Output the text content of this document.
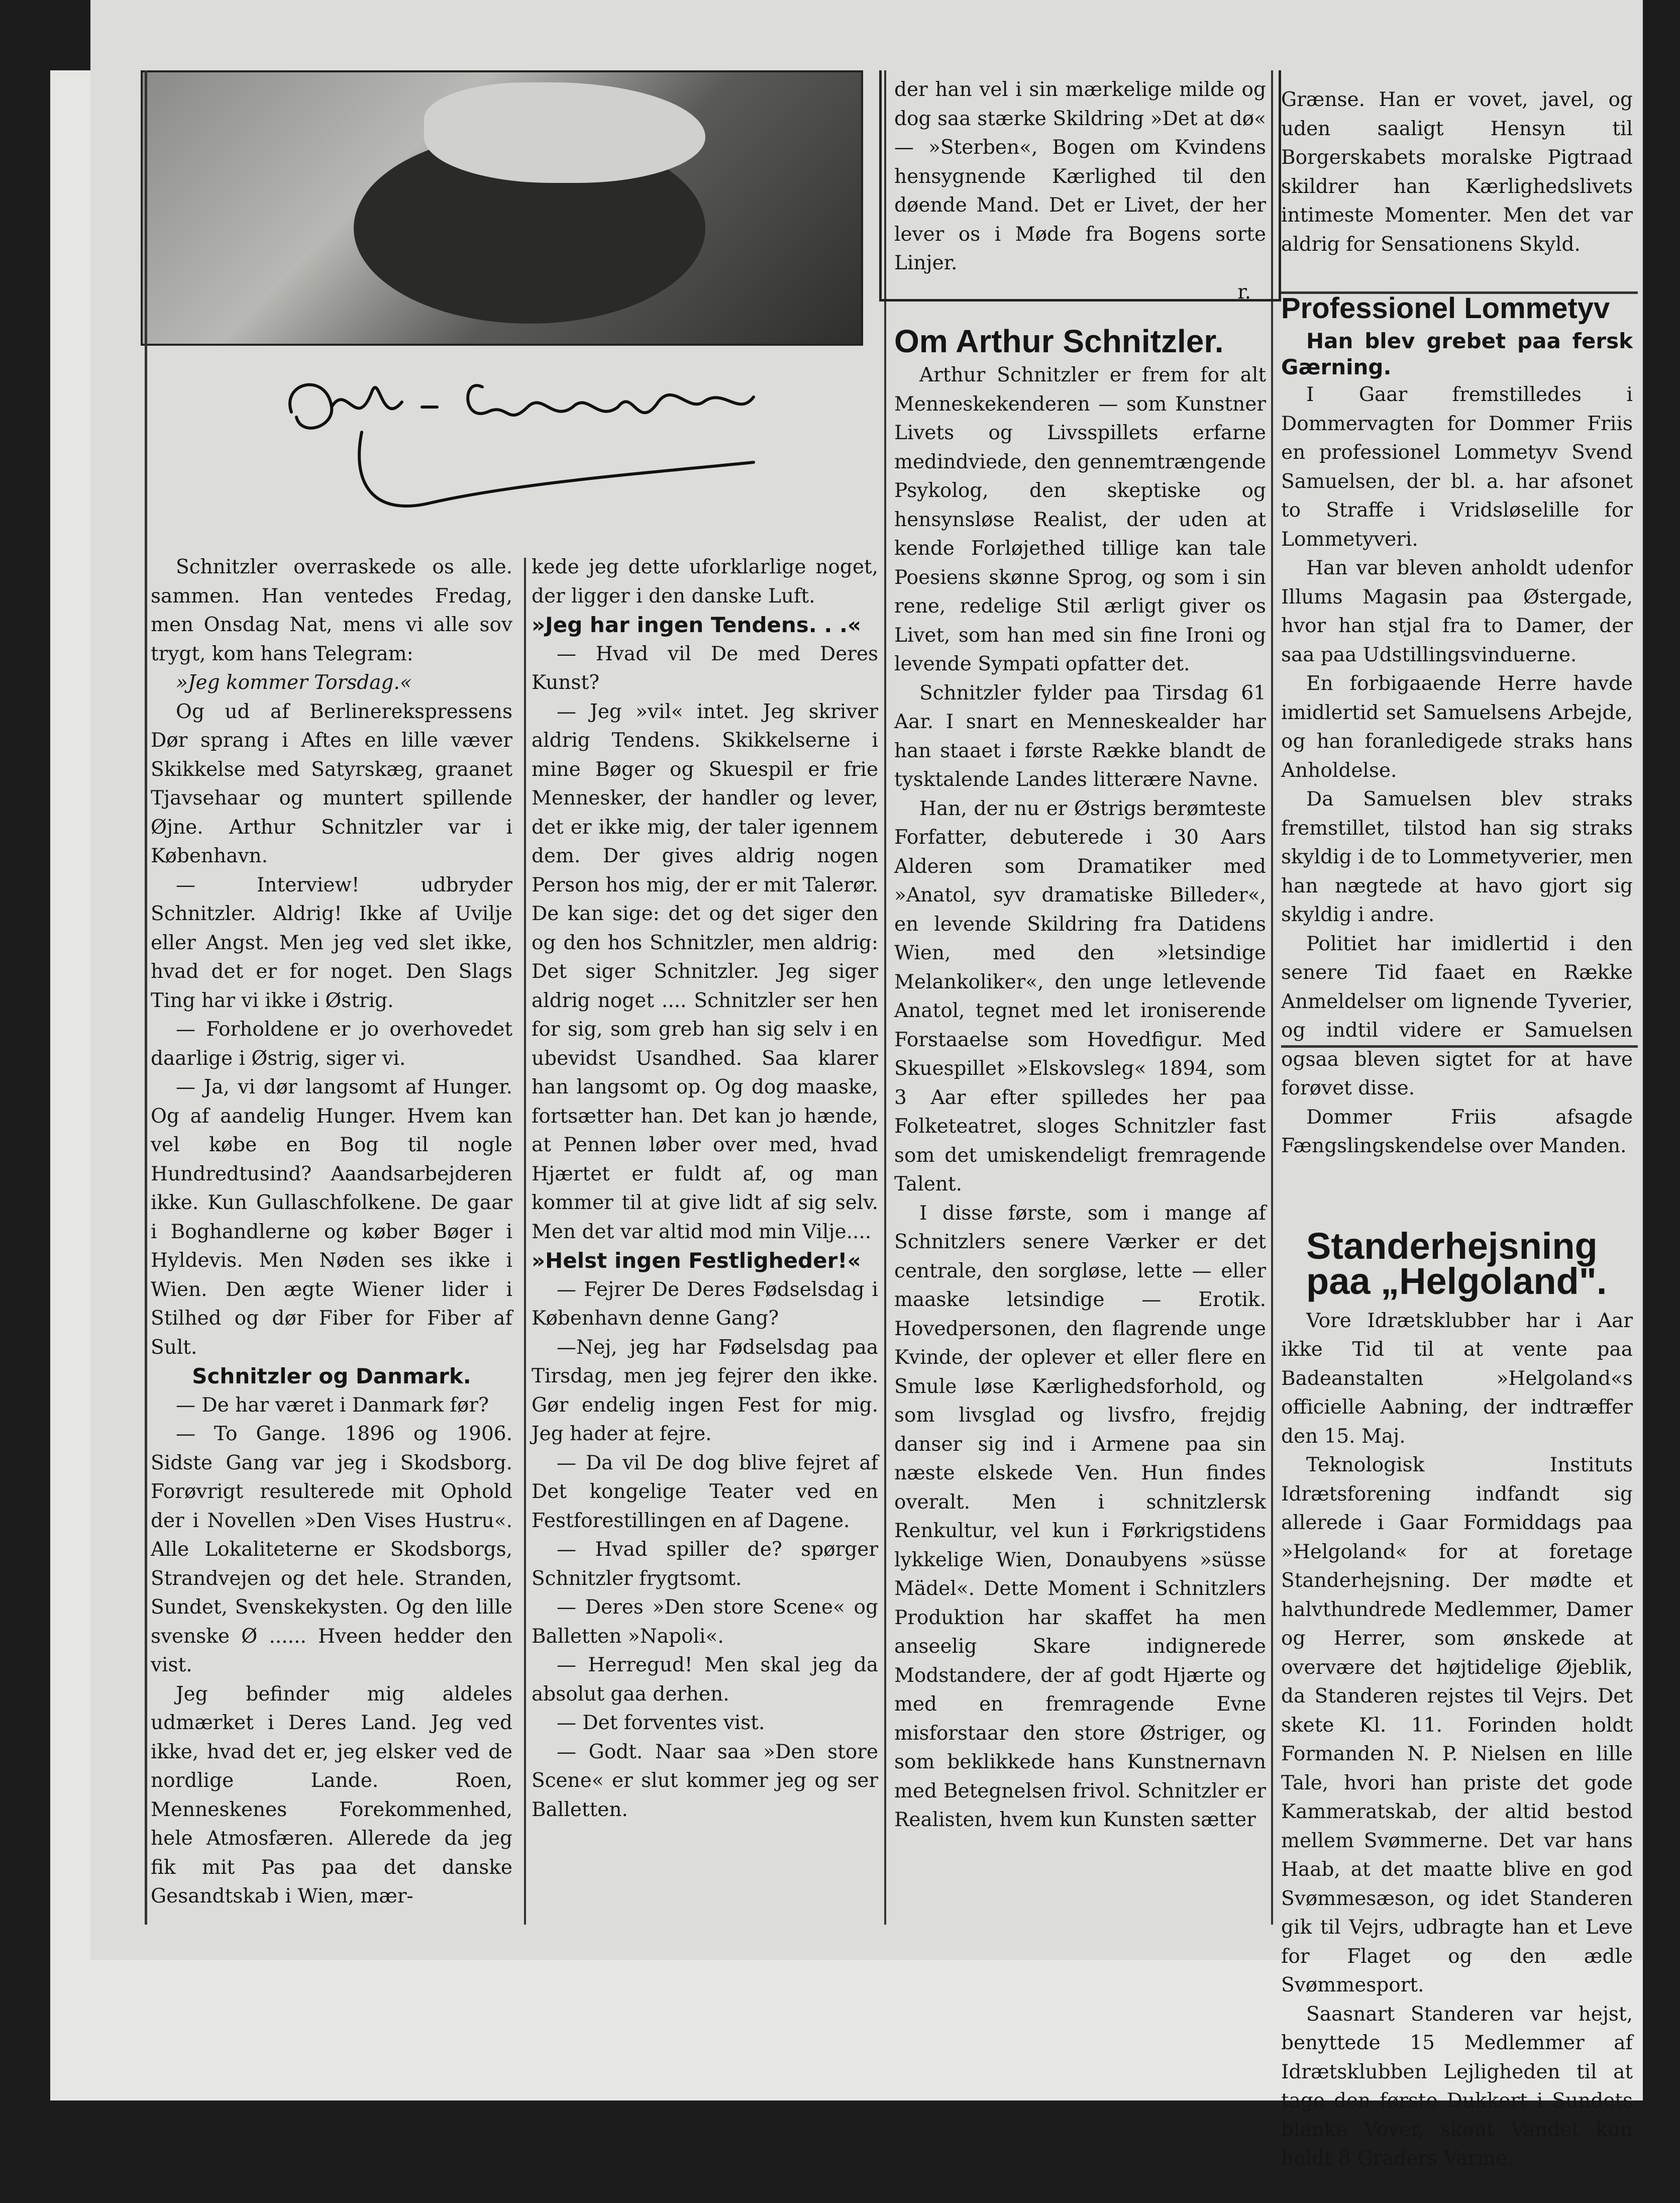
Schnitzler overraskede os alle. sammen. Han ventedes Fredag, men Onsdag Nat, mens vi alle sov trygt, kom hans Telegram:

»Jeg kommer Torsdag.«

Og ud af Berlinerekspressens Dør sprang i Aftes en lille væver Skikkelse med Satyrskæg, graanet Tjavsehaar og muntert spillende Øjne. Arthur Schnitzler var i København.

— Interview! udbryder Schnitzler. Aldrig! Ikke af Uvilje eller Angst. Men jeg ved slet ikke, hvad det er for noget. Den Slags Ting har vi ikke i Østrig.

— Forholdene er jo overhovedet daarlige i Østrig, siger vi.

— Ja, vi dør langsomt af Hunger. Og af aandelig Hunger. Hvem kan vel købe en Bog til nogle Hundredtusind? Aaandsarbejderen ikke. Kun Gullaschfolkene. De gaar i Boghandlerne og køber Bøger i Hyldevis. Men Nøden ses ikke i Wien. Den ægte Wiener lider i Stilhed og dør Fiber for Fiber af Sult.

Schnitzler og Danmark.

— De har været i Danmark før?

— To Gange. 1896 og 1906. Sidste Gang var jeg i Skodsborg. Forøvrigt resulterede mit Ophold der i Novellen »Den Vises Hustru«. Alle Lokaliteterne er Skodsborgs, Strandvejen og det hele. Stranden, Sundet, Svenskekysten. Og den lille svenske Ø ...... Hveen hedder den vist.

Jeg befinder mig aldeles udmærket i Deres Land. Jeg ved ikke, hvad det er, jeg elsker ved de nordlige Lande. Roen, Menneskenes Forekommenhed, hele Atmosfæren. Allerede da jeg fik mit Pas paa det danske Gesandtskab i Wien, mær-

kede jeg dette uforklarlige noget, der ligger i den danske Luft.

»Jeg har ingen Tendens. . .«

— Hvad vil De med Deres Kunst?

— Jeg »vil« intet. Jeg skriver aldrig Tendens. Skikkelserne i mine Bøger og Skuespil er frie Mennesker, der handler og lever, det er ikke mig, der taler igennem dem. Der gives aldrig nogen Person hos mig, der er mit Talerør. De kan sige: det og det siger den og den hos Schnitzler, men aldrig: Det siger Schnitzler. Jeg siger aldrig noget .... Schnitzler ser hen for sig, som greb han sig selv i en ubevidst Usandhed. Saa klarer han langsomt op. Og dog maaske, fortsætter han. Det kan jo hænde, at Pennen løber over med, hvad Hjærtet er fuldt af, og man kommer til at give lidt af sig selv. Men det var altid mod min Vilje....

»Helst ingen Festligheder!«

— Fejrer De Deres Fødselsdag i København denne Gang?

—Nej, jeg har Fødselsdag paa Tirsdag, men jeg fejrer den ikke. Gør endelig ingen Fest for mig. Jeg hader at fejre.

— Da vil De dog blive fejret af Det kongelige Teater ved en Festforestillingen en af Dagene.

— Hvad spiller de? spørger Schnitzler frygtsomt.

— Deres »Den store Scene« og Balletten »Napoli«.

— Herregud! Men skal jeg da absolut gaa derhen.

— Det forventes vist.

— Godt. Naar saa »Den store Scene« er slut kommer jeg og ser Balletten.

der han vel i sin mærkelige milde og dog saa stærke Skildring »Det at dø« — »Sterben«, Bogen om Kvindens hensygnende Kærlighed til den døende Mand. Det er Livet, der her lever os i Møde fra Bogens sorte Linjer.

r.

Om Arthur Schnitzler.

Arthur Schnitzler er frem for alt Menneskekenderen — som Kunstner Livets og Livsspillets erfarne medindviede, den gennemtrængende Psykolog, den skeptiske og hensynsløse Realist, der uden at kende Forløjethed tillige kan tale Poesiens skønne Sprog, og som i sin rene, redelige Stil ærligt giver os Livet, som han med sin fine Ironi og levende Sympati opfatter det.

Schnitzler fylder paa Tirsdag 61 Aar. I snart en Menneskealder har han staaet i første Række blandt de tysktalende Landes litterære Navne.

Han, der nu er Østrigs berømteste Forfatter, debuterede i 30 Aars Alderen som Dramatiker med »Anatol, syv dramatiske Billeder«, en levende Skildring fra Datidens Wien, med den »letsindige Melankoliker«, den unge letlevende Anatol, tegnet med let ironiserende Forstaaelse som Hovedfigur. Med Skuespillet »Elskovsleg« 1894, som 3 Aar efter spilledes her paa Folketeatret, sloges Schnitzler fast som det umiskendeligt fremragende Talent.

I disse første, som i mange af Schnitzlers senere Værker er det centrale, den sorgløse, lette — eller maaske letsindige — Erotik. Hovedpersonen, den flagrende unge Kvinde, der oplever et eller flere en Smule løse Kærlighedsforhold, og som livsglad og livsfro, frejdig danser sig ind i Armene paa sin næste elskede Ven. Hun findes overalt. Men i schnitzlersk Renkultur, vel kun i Førkrigstidens lykkelige Wien, Donaubyens »süsse Mädel«. Dette Moment i Schnitzlers Produktion har skaffet ha men anseelig Skare indignerede Modstandere, der af godt Hjærte og med en fremragende Evne misforstaar den store Østriger, og som beklikkede hans Kunstnernavn med Betegnelsen frivol. Schnitzler er Realisten, hvem kun Kunsten sætter

Grænse. Han er vovet, javel, og uden saaligt Hensyn til Borgerskabets moralske Pigtraad skildrer han Kærlighedslivets intimeste Momenter. Men det var aldrig for Sensationens Skyld.

Professionel Lommetyv

Han blev grebet paa fersk Gærning.

I Gaar fremstilledes i Dommervagten for Dommer Friis en professionel Lommetyv Svend Samuelsen, der bl. a. har afsonet to Straffe i Vridsløselille for Lommetyveri.

Han var bleven anholdt udenfor Illums Magasin paa Østergade, hvor han stjal fra to Damer, der saa paa Udstillingsvinduerne.

En forbigaaende Herre havde imidlertid set Samuelsens Arbejde, og han foranledigede straks hans Anholdelse.

Da Samuelsen blev straks fremstillet, tilstod han sig straks skyldig i de to Lommetyverier, men han nægtede at havo gjort sig skyldig i andre.

Politiet har imidlertid i den senere Tid faaet en Række Anmeldelser om lignende Tyverier, og indtil videre er Samuelsen ogsaa bleven sigtet for at have forøvet disse.

Dommer Friis afsagde Fængslingskendelse over Manden.

Standerhejsning

paa „Helgoland".

Vore Idrætsklubber har i Aar ikke Tid til at vente paa Badeanstalten »Helgoland«s officielle Aabning, der indtræffer den 15. Maj.

Teknologisk Instituts Idrætsforening indfandt sig allerede i Gaar Formiddags paa »Helgoland« for at foretage Standerhejsning. Der mødte et halvthundrede Medlemmer, Damer og Herrer, som ønskede at overvære det højtidelige Øjeblik, da Standeren rejstes til Vejrs. Det skete Kl. 11. Forinden holdt Formanden N. P. Nielsen en lille Tale, hvori han priste det gode Kammeratskab, der altid bestod mellem Svømmerne. Det var hans Haab, at det maatte blive en god Svømmesæson, og idet Standeren gik til Vejrs, udbragte han et Leve for Flaget og den ædle Svømmesport.

Saasnart Standeren var hejst, benyttede 15 Medlemmer af Idrætsklubben Lejligheden til at tage den første Dukkert i Sundets blanke Vover, skønt Vandet kun holdt 8 Graders Varme.
